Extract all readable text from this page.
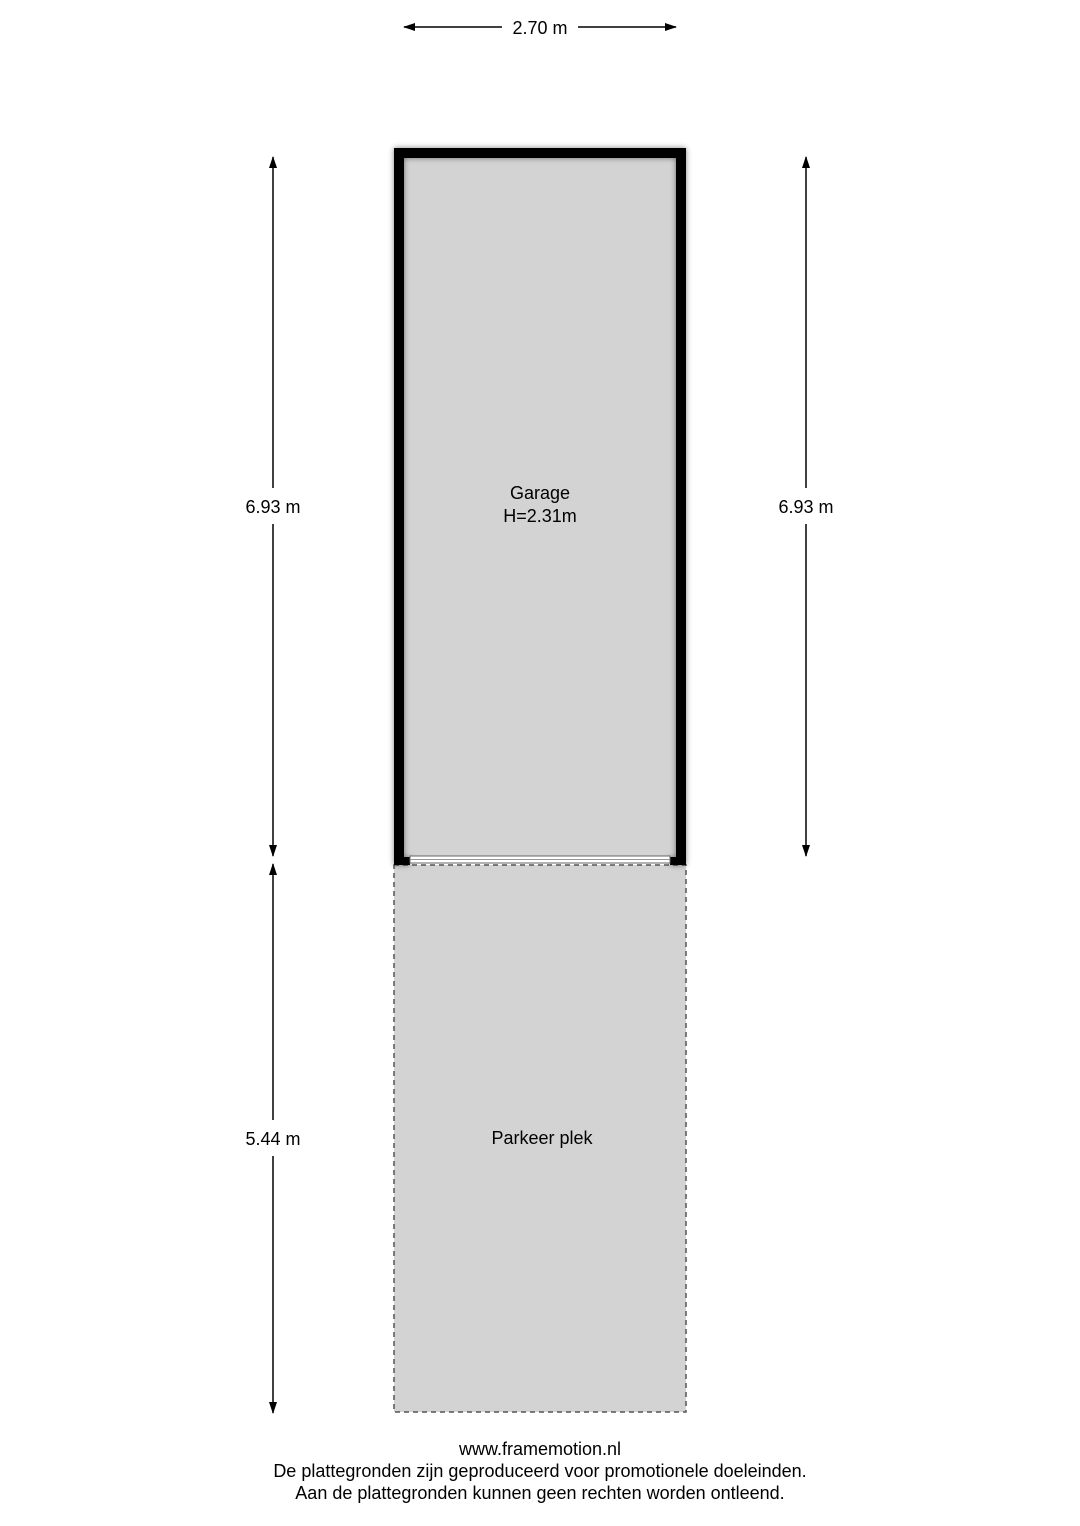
2.70 m
6.93 m	6.93 m
5.44 m	Parkeer plek
Garage
H=2.31m
www.framemotion.nl
De plattegronden zijn geproduceerd voor promotionele doeleinden.
Aan de plattegronden kunnen geen rechten worden ontleend.
